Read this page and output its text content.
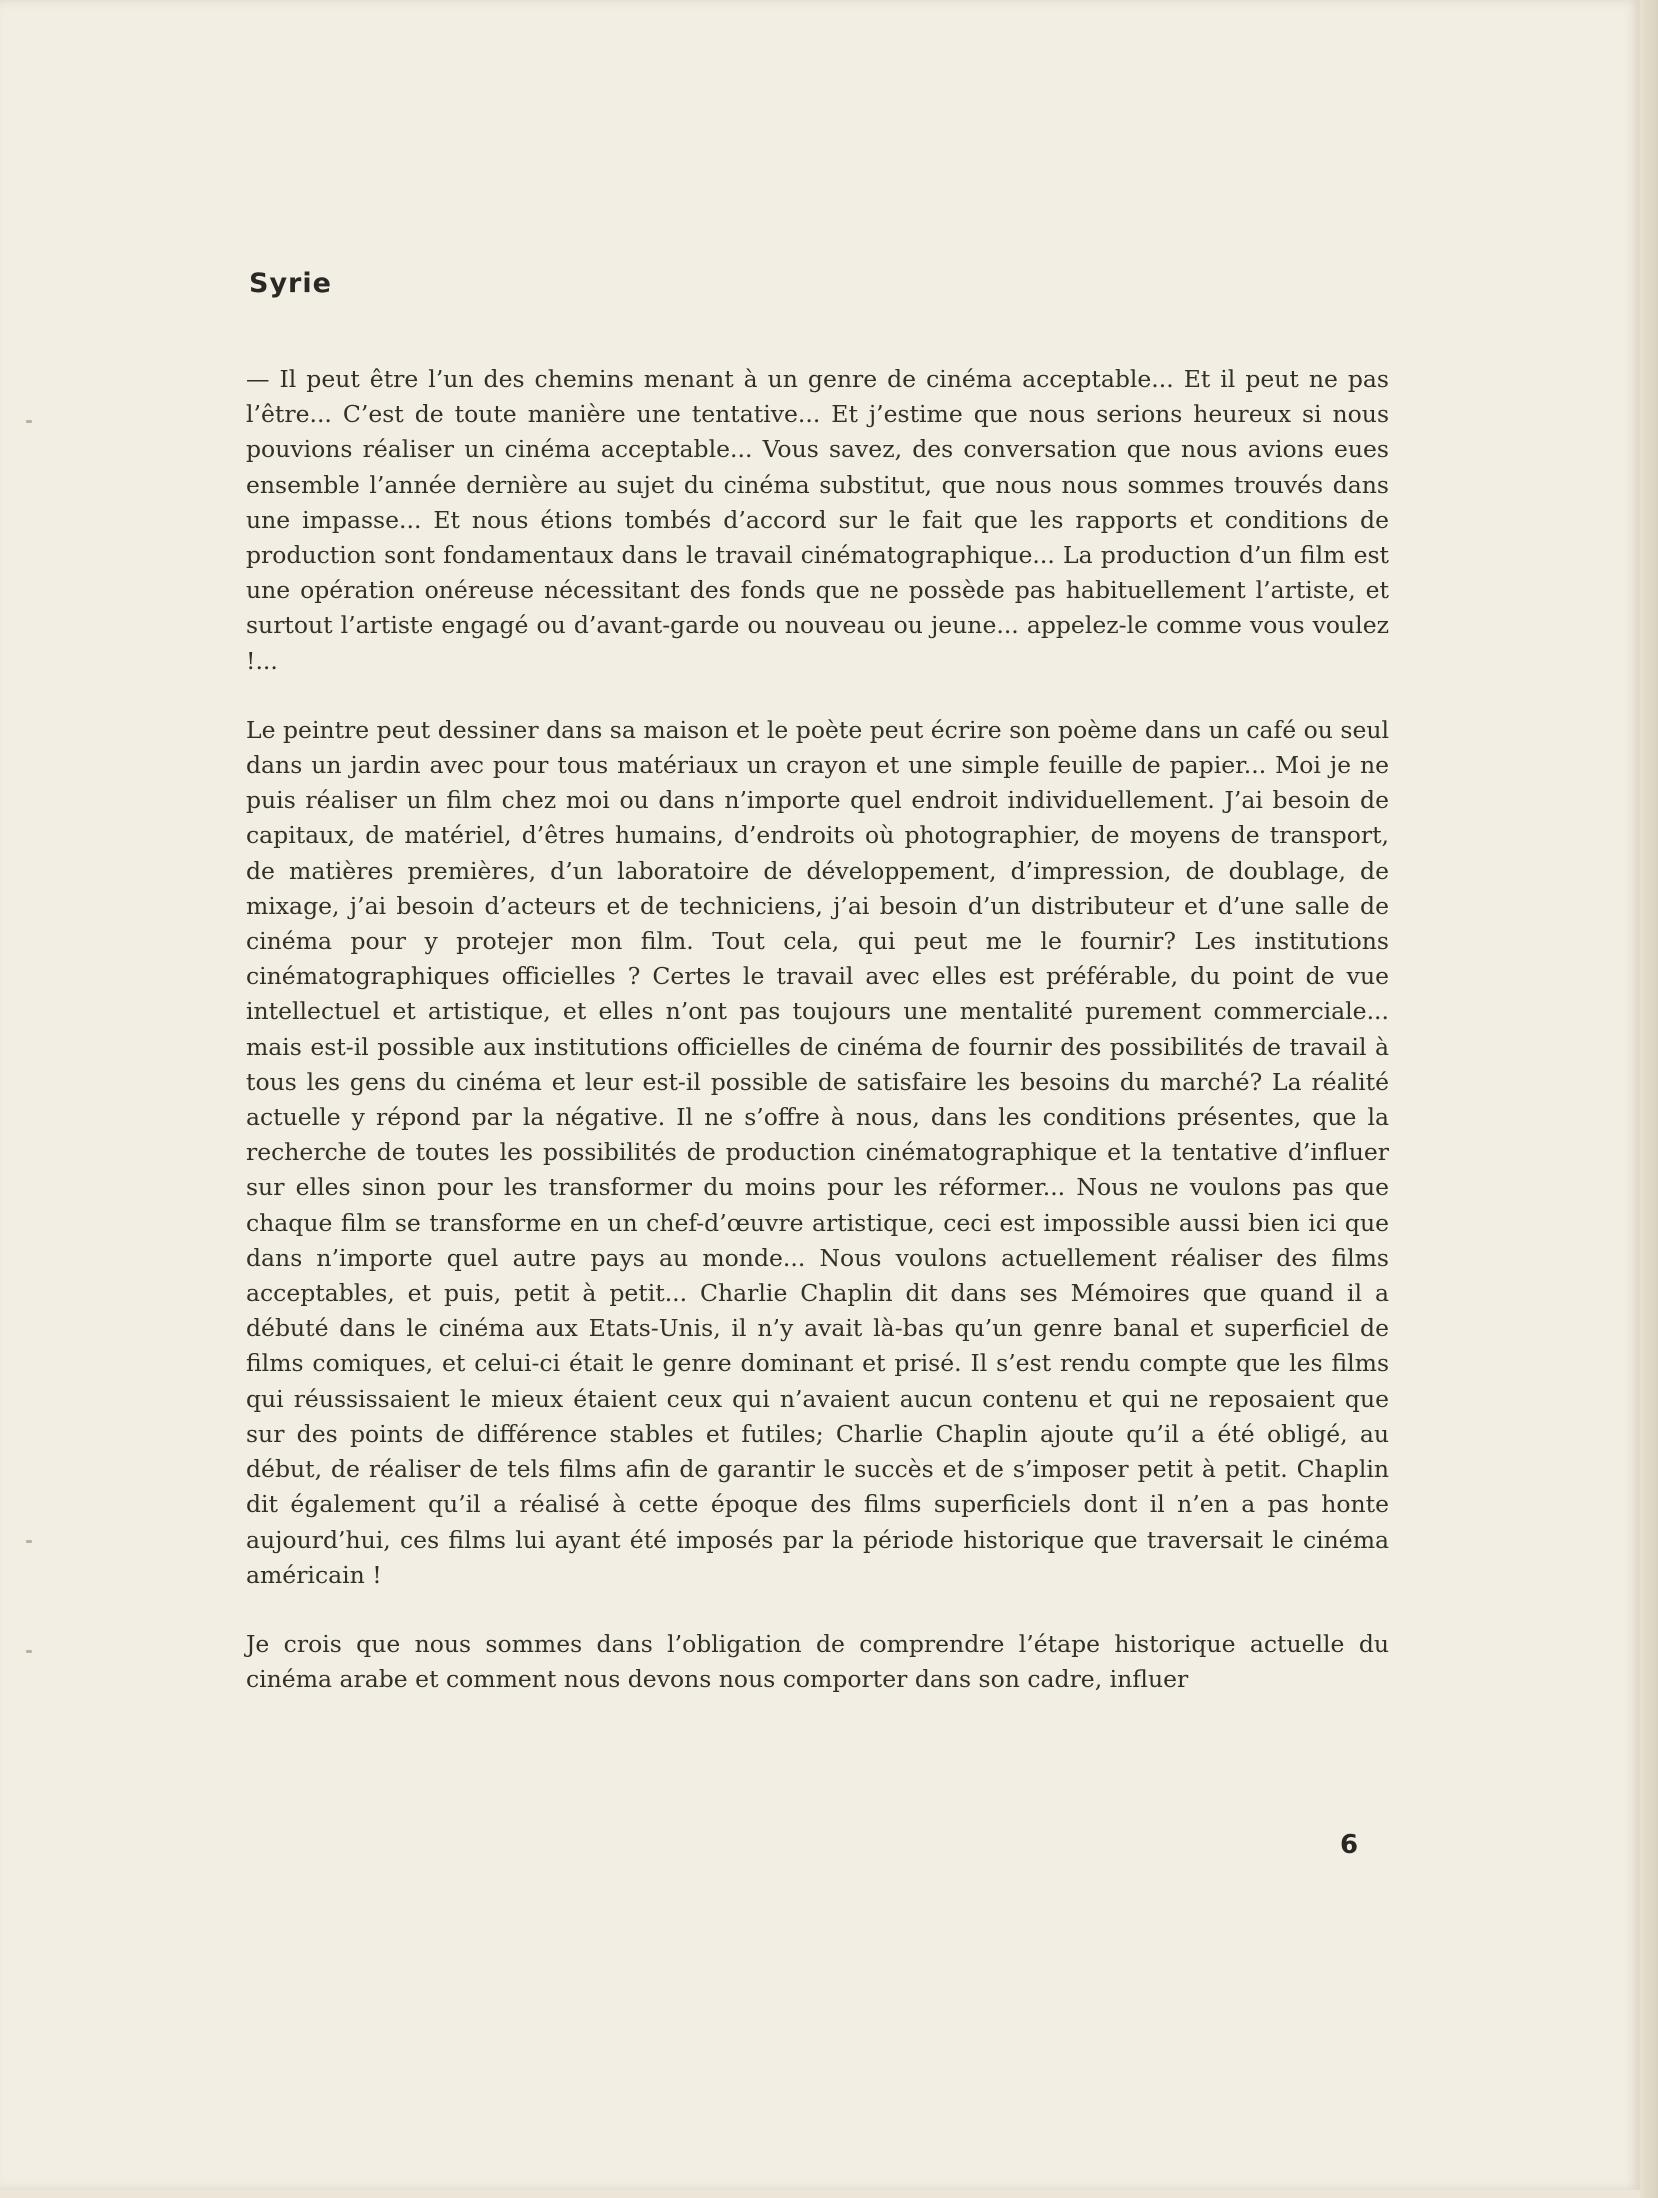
Syrie

— Il peut être l’un des chemins menant à un genre de cinéma acceptable... Et il peut ne pas l’être... C’est de toute manière une tentative... Et j’estime que nous serions heureux si nous pouvions réaliser un cinéma acceptable... Vous savez, des conversation que nous avions eues ensemble l’année dernière au sujet du cinéma substitut, que nous nous sommes trouvés dans une impasse... Et nous étions tombés d’accord sur le fait que les rapports et conditions de production sont fondamentaux dans le travail cinématographique... La production d’un film est une opération onéreuse nécessitant des fonds que ne possède pas habituellement l’artiste, et surtout l’artiste engagé ou d’avant-garde ou nouveau ou jeune... appelez-le comme vous voulez !...

Le peintre peut dessiner dans sa maison et le poète peut écrire son poème dans un café ou seul dans un jardin avec pour tous matériaux un crayon et une simple feuille de papier... Moi je ne puis réaliser un film chez moi ou dans n’importe quel endroit individuellement. J’ai besoin de capitaux, de matériel, d’êtres humains, d’endroits où photographier, de moyens de transport, de matières premières, d’un laboratoire de développement, d’impression, de doublage, de mixage, j’ai besoin d’acteurs et de techniciens, j’ai besoin d’un distributeur et d’une salle de cinéma pour y protejer mon film. Tout cela, qui peut me le fournir? Les institutions cinématographiques officielles ? Certes le travail avec elles est préférable, du point de vue intellectuel et artistique, et elles n’ont pas toujours une mentalité purement commerciale... mais est-il possible aux institutions officielles de cinéma de fournir des possibilités de travail à tous les gens du cinéma et leur est-il possible de satisfaire les besoins du marché? La réalité actuelle y répond par la négative. Il ne s’offre à nous, dans les conditions présentes, que la recherche de toutes les possibilités de production cinématographique et la tentative d’influer sur elles sinon pour les transformer du moins pour les réformer... Nous ne voulons pas que chaque film se transforme en un chef-d’œuvre artistique, ceci est impossible aussi bien ici que dans n’importe quel autre pays au monde... Nous voulons actuellement réaliser des films acceptables, et puis, petit à petit... Charlie Chaplin dit dans ses Mémoires que quand il a débuté dans le cinéma aux Etats-Unis, il n’y avait là-bas qu’un genre banal et superficiel de films comiques, et celui-ci était le genre dominant et prisé. Il s’est rendu compte que les films qui réussissaient le mieux étaient ceux qui n’avaient aucun contenu et qui ne reposaient que sur des points de différence stables et futiles; Charlie Chaplin ajoute qu’il a été obligé, au début, de réaliser de tels films afin de garantir le succès et de s’imposer petit à petit. Chaplin dit également qu’il a réalisé à cette époque des films superficiels dont il n’en a pas honte aujourd’hui, ces films lui ayant été imposés par la période historique que traversait le cinéma américain !

Je crois que nous sommes dans l’obligation de comprendre l’étape historique actuelle du cinéma arabe et comment nous devons nous comporter dans son cadre, influer

6
